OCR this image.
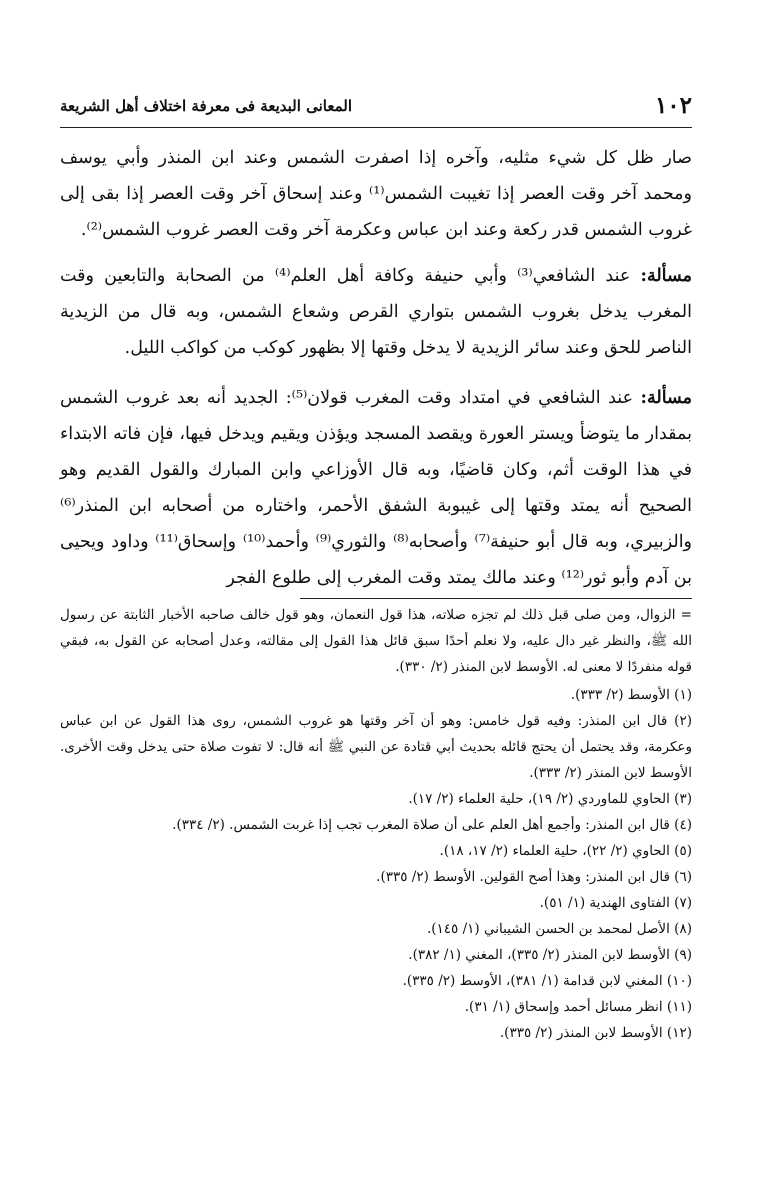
١٠٢
المعانى البديعة فى معرفة اختلاف أهل الشريعة

صار ظل كل شيء مثليه، وآخره إذا اصفرت الشمس وعند ابن المنذر وأبي يوسف ومحمد آخر وقت العصر إذا تغيبت الشمس⁽¹⁾ وعند إسحاق آخر وقت العصر إذا بقى إلى غروب الشمس قدر ركعة وعند ابن عباس وعكرمة آخر وقت العصر غروب الشمس⁽²⁾.

مسألة: عند الشافعي⁽³⁾ وأبي حنيفة وكافة أهل العلم⁽⁴⁾ من الصحابة والتابعين وقت المغرب يدخل بغروب الشمس بتواري القرص وشعاع الشمس، وبه قال من الزيدية الناصر للحق وعند سائر الزيدية لا يدخل وقتها إلا بظهور كوكب من كواكب الليل.

مسألة: عند الشافعي في امتداد وقت المغرب قولان⁽⁵⁾: الجديد أنه بعد غروب الشمس بمقدار ما يتوضأ ويستر العورة ويقصد المسجد ويؤذن ويقيم ويدخل فيها، فإن فاته الابتداء في هذا الوقت أثم، وكان قاضيًا، وبه قال الأوزاعي وابن المبارك والقول القديم وهو الصحيح أنه يمتد وقتها إلى غيبوبة الشفق الأحمر، واختاره من أصحابه ابن المنذر⁽⁶⁾ والزبيري، وبه قال أبو حنيفة⁽⁷⁾ وأصحابه⁽⁸⁾ والثوري⁽⁹⁾ وأحمد⁽¹⁰⁾ وإسحاق⁽¹¹⁾ وداود ويحيى بن آدم وأبو ثور⁽¹²⁾ وعند مالك يمتد وقت المغرب إلى طلوع الفجر

= الزوال، ومن صلى قبل ذلك لم تجزه صلاته، هذا قول النعمان، وهو قول خالف صاحبه الأخبار الثابتة عن رسول الله ﷺ، والنظر غير دال عليه، ولا نعلم أحدًا سبق قائل هذا القول إلى مقالته، وعدل أصحابه عن القول به، فبقي قوله منفردًا لا معنى له. الأوسط لابن المنذر (٢/ ٣٣٠).

(١) الأوسط (٢/ ٣٣٣).
(٢) قال ابن المنذر: وفيه قول خامس: وهو أن آخر وقتها هو غروب الشمس، روى هذا القول عن ابن عباس وعكرمة، وقد يحتمل أن يحتج قائله بحديث أبي قتادة عن النبي ﷺ أنه قال: لا تفوت صلاة حتى يدخل وقت الأخرى. الأوسط لابن المنذر (٢/ ٣٣٣).
(٣) الحاوي للماوردي (٢/ ١٩)، حلية العلماء (٢/ ١٧).
(٤) قال ابن المنذر: وأجمع أهل العلم على أن صلاة المغرب تجب إذا غربت الشمس. (٢/ ٣٣٤).
(٥) الحاوي (٢/ ٢٢)، حلية العلماء (٢/ ١٧، ١٨).
(٦) قال ابن المنذر: وهذا أصح القولين. الأوسط (٢/ ٣٣٥).
(٧) الفتاوى الهندية (١/ ٥١).
(٨) الأصل لمحمد بن الحسن الشيباني (١/ ١٤٥).
(٩) الأوسط لابن المنذر (٢/ ٣٣٥)، المغني (١/ ٣٨٢).
(١٠) المغني لابن قدامة (١/ ٣٨١)، الأوسط (٢/ ٣٣٥).
(١١) انظر مسائل أحمد وإسحاق (١/ ٣١).
(١٢) الأوسط لابن المنذر (٢/ ٣٣٥).
